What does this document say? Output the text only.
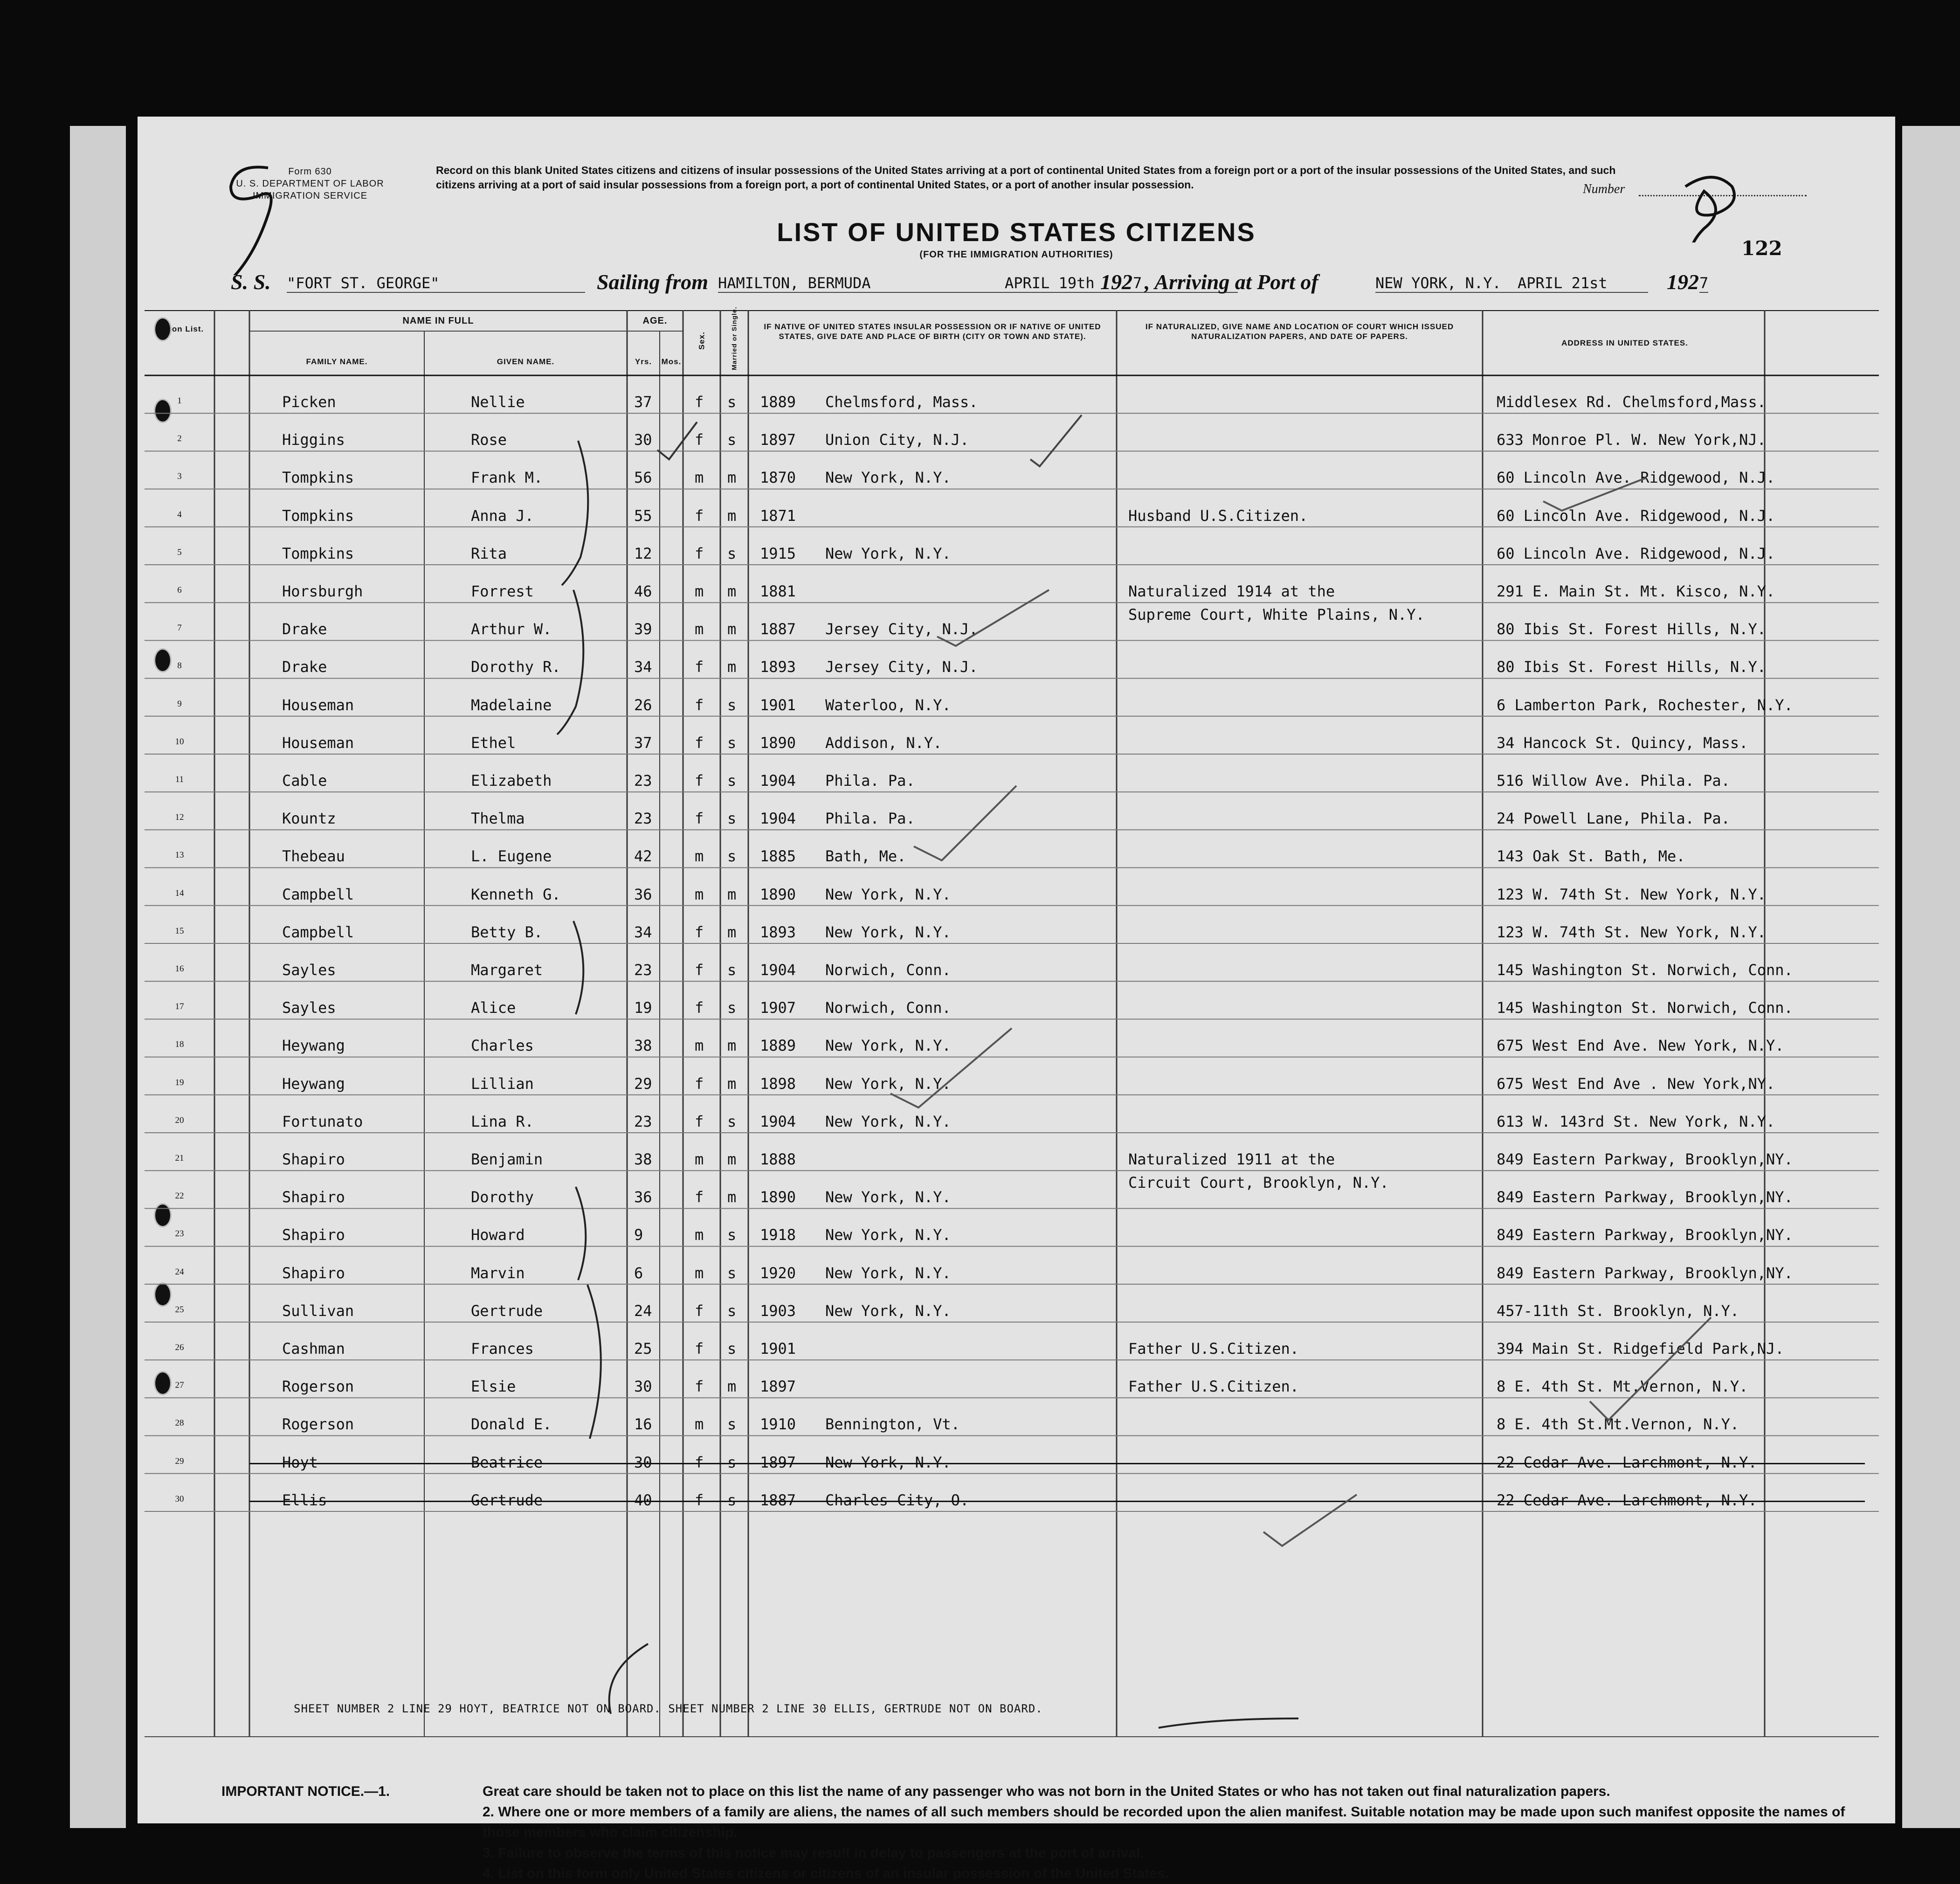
Form 630
U. S. DEPARTMENT OF LABOR
IMMIGRATION SERVICE
Record on this blank United States citizens and citizens of insular possessions of the United States arriving at a port of continental United States from a foreign port or a port of the insular possessions of the United States, and such citizens arriving at a port of said insular possessions from a foreign port, a port of continental United States, or a port of another insular possession.	Number
122
LIST OF UNITED STATES CITIZENS
(FOR THE IMMIGRATION AUTHORITIES)
S. S. "FORT ST. GEORGE"	Sailing from HAMILTON, BERMUDA	APRIL 19th 192 7 , Arriving at Port of	NEW YORK, N.Y.	APRIL 21st	192 7
No. on List.
NAME IN FULL
FAMILY NAME.	GIVEN NAME.
AGE.
Yrs.	Mos.
Sex.	Married or Single.	IF NATIVE OF UNITED STATES INSULAR POSSESSION OR IF NATIVE OF UNITED STATES, GIVE DATE AND PLACE OF BIRTH (CITY OR TOWN AND STATE).
IF NATURALIZED, GIVE NAME AND LOCATION OF COURT WHICH ISSUED NATURALIZATION PAPERS, AND DATE OF PAPERS.
ADDRESS IN UNITED STATES.
1	Picken	Nellie	37	f s 1889 Chelmsford, Mass.	Middlesex Rd. Chelmsford,Mass.
2	Higgins	Rose	30	f s 1897 Union City, N.J.	633 Monroe Pl. W. New York,NJ.
3	Tompkins	Frank M.	56	m m 1870 New York, N.Y.	60 Lincoln Ave. Ridgewood, N.J.
4	Tompkins	Anna J.	55	f m 1871	Husband U.S.Citizen.	60 Lincoln Ave. Ridgewood, N.J.
5	Tompkins	Rita	12	f s 1915 New York, N.Y.	60 Lincoln Ave. Ridgewood, N.J.
6	Horsburgh	Forrest	46	m m 1881	Naturalized 1914 at the	291 E. Main St. Mt. Kisco, N.Y.
Supreme Court, White Plains, N.Y.
7	Drake	Arthur W.	39	m m 1887 Jersey City, N.J.	80 Ibis St. Forest Hills, N.Y.
8	Drake	Dorothy R.	34	f m 1893 Jersey City, N.J.	80 Ibis St. Forest Hills, N.Y.
9	Houseman	Madelaine	26	f s 1901 Waterloo, N.Y.	6 Lamberton Park, Rochester, N.Y.
10	Houseman	Ethel	37	f s 1890 Addison, N.Y.	34 Hancock St. Quincy, Mass.
11	Cable	Elizabeth	23	f s 1904 Phila. Pa.	516 Willow Ave. Phila. Pa.
12	Kountz	Thelma	23	f s 1904 Phila. Pa.	24 Powell Lane, Phila. Pa.
13	Thebeau	L. Eugene	42	m s 1885 Bath, Me.	143 Oak St. Bath, Me.
14	Campbell	Kenneth G.	36	m m 1890 New York, N.Y.	123 W. 74th St. New York, N.Y.
15	Campbell	Betty B.	34	f m 1893 New York, N.Y.	123 W. 74th St. New York, N.Y.
16	Sayles	Margaret	23	f s 1904 Norwich, Conn.	145 Washington St. Norwich, Conn.
17	Sayles	Alice	19	f s 1907 Norwich, Conn.	145 Washington St. Norwich, Conn.
18	Heywang	Charles	38	m m 1889 New York, N.Y.	675 West End Ave. New York, N.Y.
19	Heywang	Lillian	29	f m 1898 New York, N.Y.	675 West End Ave . New York,NY.
20	Fortunato	Lina R.	23	f s 1904 New York, N.Y.	613 W. 143rd St. New York, N.Y.
21	Shapiro	Benjamin	38	m m 1888	Naturalized 1911 at the	849 Eastern Parkway, Brooklyn,NY.
Circuit Court, Brooklyn, N.Y.
22	Shapiro	Dorothy	36	f m 1890 New York, N.Y.	849 Eastern Parkway, Brooklyn,NY.
23	Shapiro	Howard	9	m s 1918 New York, N.Y.	849 Eastern Parkway, Brooklyn,NY.
24	Shapiro	Marvin	6	m s 1920 New York, N.Y.	849 Eastern Parkway, Brooklyn,NY.
25	Sullivan	Gertrude	24	f s 1903 New York, N.Y.	457-11th St. Brooklyn, N.Y.
26	Cashman	Frances	25	f s 1901	Father U.S.Citizen.	394 Main St. Ridgefield Park,NJ.
27	Rogerson	Elsie	30	f m 1897	Father U.S.Citizen.	8 E. 4th St. Mt.Vernon, N.Y.
28	Rogerson	Donald E.	16	m s 1910 Bennington, Vt.	8 E. 4th St.Mt.Vernon, N.Y.
29	Hoyt	Beatrice	30	f s 1897 New York, N.Y.	22 Cedar Ave. Larchmont, N.Y.
30	Ellis	Gertrude	40	f s 1887 Charles City, O.	22 Cedar Ave. Larchmont, N.Y.
SHEET NUMBER 2 LINE 29 HOYT, BEATRICE NOT ON BOARD. SHEET NUMBER 2 LINE 30 ELLIS, GERTRUDE NOT ON BOARD.
IMPORTANT NOTICE.—1.	Great care should be taken not to place on this list the name of any passenger who was not born in the United States or who has not taken out final naturalization papers.
2. Where one or more members of a family are aliens, the names of all such members should be recorded upon the alien manifest. Suitable notation may be made upon such manifest opposite the names of those members who claim citizenship.
3. Failure to observe the terms of this notice may result in delay to passengers at the port of arrival.
4. List on this form only United States citizens or citizens of an insular possession of the United States.
